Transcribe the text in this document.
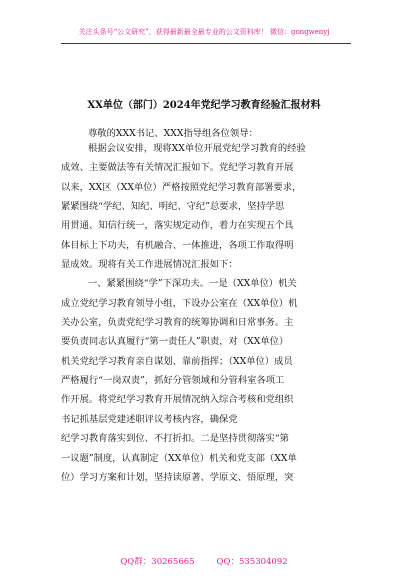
关注头条号“公文研究”，获得最新最全最专业的公文资料库！ 微信：gongwenyj
XX单位（部门）2024年党纪学习教育经验汇报材料
尊敬的XXX书记、XXX指导组各位领导：
根据会议安排，现将XX单位开展党纪学习教育的经验
成效、主要做法等有关情况汇报如下。党纪学习教育开展
以来，XX区（XX单位）严格按照党纪学习教育部署要求，
紧紧围绕“学纪、知纪、明纪、守纪”总要求，坚持学思
用贯通、知信行统一，落实规定动作，着力在实现五个具
体目标上下功夫，有机融合、一体推进，各项工作取得明
显成效。现将有关工作进展情况汇报如下：
一、紧紧围绕“学”下深功夫。一是（XX单位）机关
成立党纪学习教育领导小组，下设办公室在（XX单位）机
关办公室，负责党纪学习教育的统筹协调和日常事务。主
要负责同志认真履行“第一责任人”职责，对（XX单位）
机关党纪学习教育亲自谋划、靠前指挥；（XX单位）成员
严格履行“一岗双责”，抓好分管领域和分管科室各项工
作开展。将党纪学习教育开展情况纳入综合考核和党组织
书记抓基层党建述职评议考核内容，确保党
纪学习教育落实到位、不打折扣。二是坚持贯彻落实“第
一议题”制度，认真制定（XX单位）机关和党支部（XX单
位）学习方案和计划，坚持读原著、学原文、悟原理，突
QQ群：30265665	QQ：535304092
